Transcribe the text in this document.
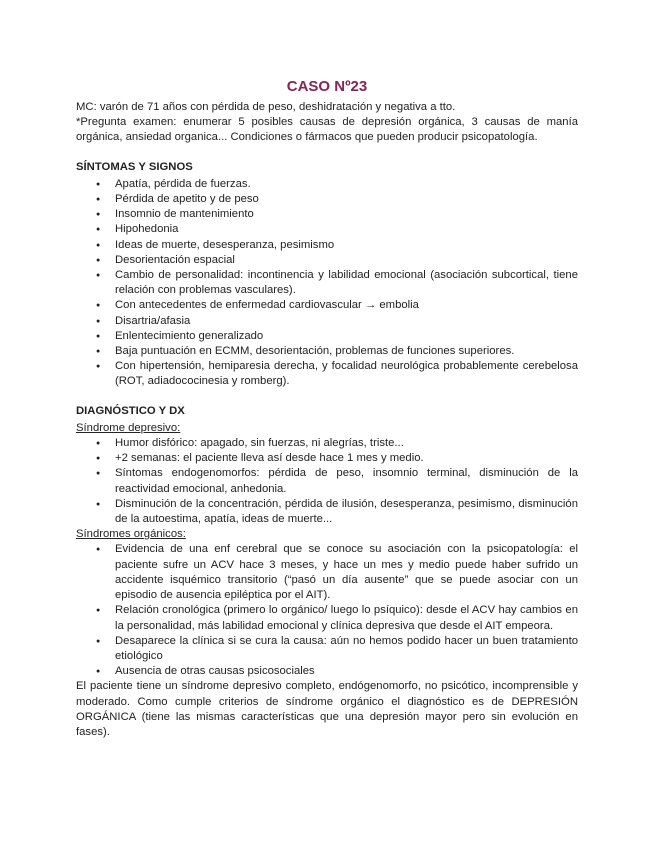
CASO Nº23

MC: varón de 71 años con pérdida de peso, deshidratación y negativa a tto.

*Pregunta examen: enumerar 5 posibles causas de depresión orgánica, 3 causas de manía orgánica, ansiedad organica... Condiciones o fármacos que pueden producir psicopatología.

SÍNTOMAS Y SIGNOS
● Apatía, pérdida de fuerzas.
● Pérdida de apetito y de peso
● Insomnio de mantenimiento
● Hipohedonia
● Ideas de muerte, desesperanza, pesimismo
● Desorientación espacial
● Cambio de personalidad: incontinencia y labilidad emocional (asociación subcortical, tiene relación con problemas vasculares).
● Con antecedentes de enfermedad cardiovascular → embolia
● Disartria/afasia
● Enlentecimiento generalizado
● Baja puntuación en ECMM, desorientación, problemas de funciones superiores.
● Con hipertensión, hemiparesia derecha, y focalidad neurológica probablemente cerebelosa (ROT, adiadococinesia y romberg).
DIAGNÓSTICO Y DX

Síndrome depresivo:

● Humor disfórico: apagado, sin fuerzas, ni alegrías, triste...
● +2 semanas: el paciente lleva así desde hace 1 mes y medio.
● Síntomas endogenomorfos: pérdida de peso, insomnio terminal, disminución de la reactividad emocional, anhedonia.
● Disminución de la concentración, pérdida de ilusión, desesperanza, pesimismo, disminución de la autoestima, apatía, ideas de muerte...

Síndromes orgánicos:

● Evidencia de una enf cerebral que se conoce su asociación con la psicopatología: el paciente sufre un ACV hace 3 meses, y hace un mes y medio puede haber sufrido un accidente isquémico transitorio (“pasó un día ausente” que se puede asociar con un episodio de ausencia epiléptica por el AIT).
● Relación cronológica (primero lo orgánico/ luego lo psíquico): desde el ACV hay cambios en la personalidad, más labilidad emocional y clínica depresiva que desde el AIT empeora.
● Desaparece la clínica si se cura la causa: aún no hemos podido hacer un buen tratamiento etiológico
● Ausencia de otras causas psicosociales

El paciente tiene un síndrome depresivo completo, endógenomorfo, no psicótico, incomprensible y moderado. Como cumple criterios de síndrome orgánico el diagnóstico es de DEPRESIÓN ORGÁNICA (tiene las mismas características que una depresión mayor pero sin evolución en fases).
